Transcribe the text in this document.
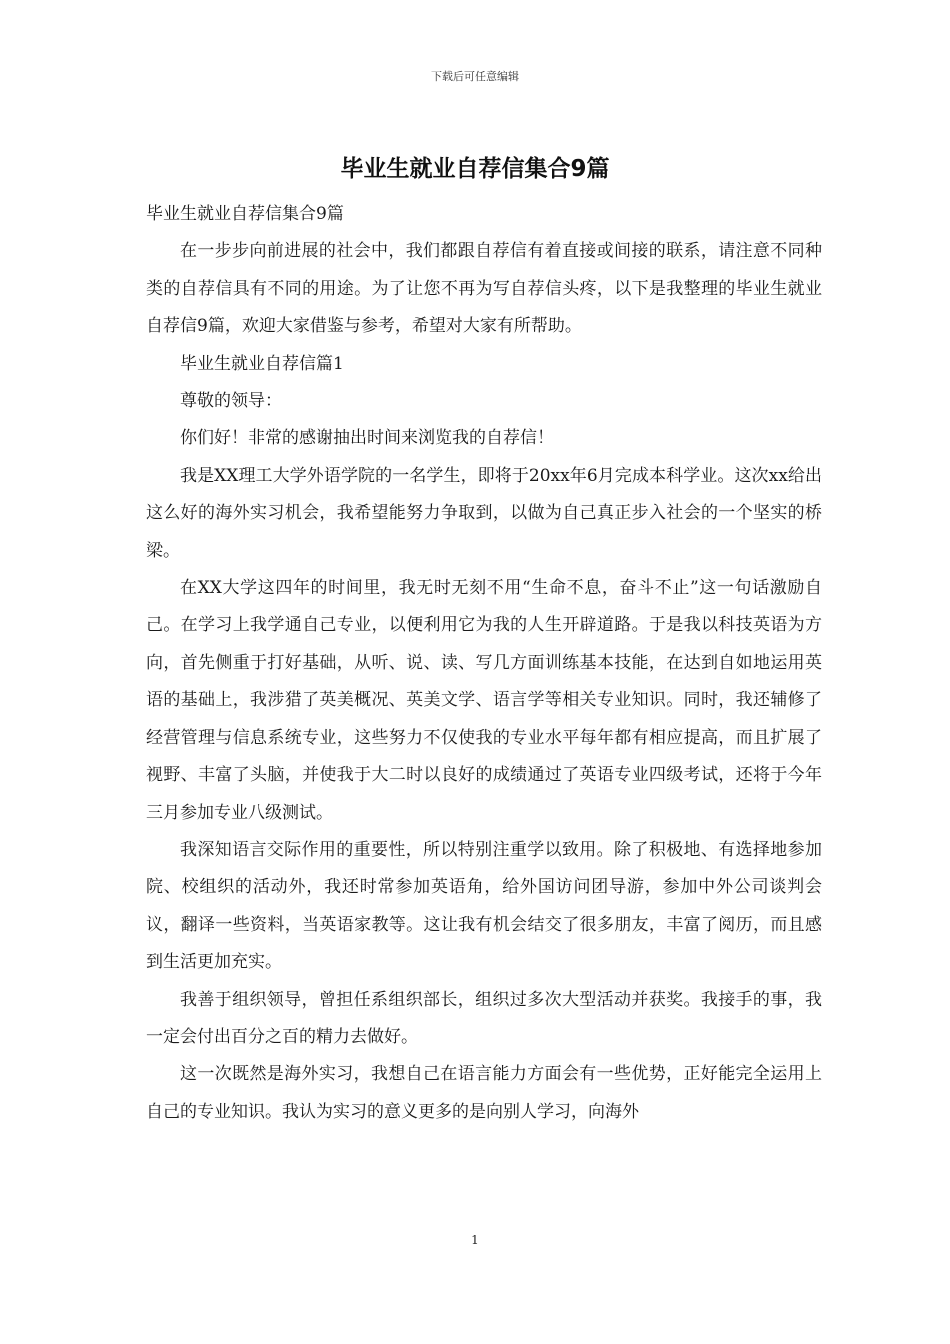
下载后可任意编辑
毕业生就业自荐信集合9篇

毕业生就业自荐信集合9篇

在一步步向前进展的社会中，我们都跟自荐信有着直接或间接的联系，请注意不同种类的自荐信具有不同的用途。为了让您不再为写自荐信头疼，以下是我整理的毕业生就业自荐信9篇，欢迎大家借鉴与参考，希望对大家有所帮助。

毕业生就业自荐信篇1

尊敬的领导：

你们好！非常的感谢抽出时间来浏览我的自荐信！

我是XX理工大学外语学院的一名学生，即将于20xx年6月完成本科学业。这次xx给出这么好的海外实习机会，我希望能努力争取到，以做为自己真正步入社会的一个坚实的桥梁。

在XX大学这四年的时间里，我无时无刻不用“生命不息，奋斗不止”这一句话激励自己。在学习上我学通自己专业，以便利用它为我的人生开辟道路。于是我以科技英语为方向，首先侧重于打好基础，从听、说、读、写几方面训练基本技能，在达到自如地运用英语的基础上，我涉猎了英美概况、英美文学、语言学等相关专业知识。同时，我还辅修了经营管理与信息系统专业，这些努力不仅使我的专业水平每年都有相应提高，而且扩展了视野、丰富了头脑，并使我于大二时以良好的成绩通过了英语专业四级考试，还将于今年三月参加专业八级测试。

我深知语言交际作用的重要性，所以特别注重学以致用。除了积极地、有选择地参加院、校组织的活动外，我还时常参加英语角，给外国访问团导游，参加中外公司谈判会议，翻译一些资料，当英语家教等。这让我有机会结交了很多朋友，丰富了阅历，而且感到生活更加充实。

我善于组织领导，曾担任系组织部长，组织过多次大型活动并获奖。我接手的事，我一定会付出百分之百的精力去做好。

这一次既然是海外实习，我想自己在语言能力方面会有一些优势，正好能完全运用上自己的专业知识。我认为实习的意义更多的是向别人学习，向海外

1
